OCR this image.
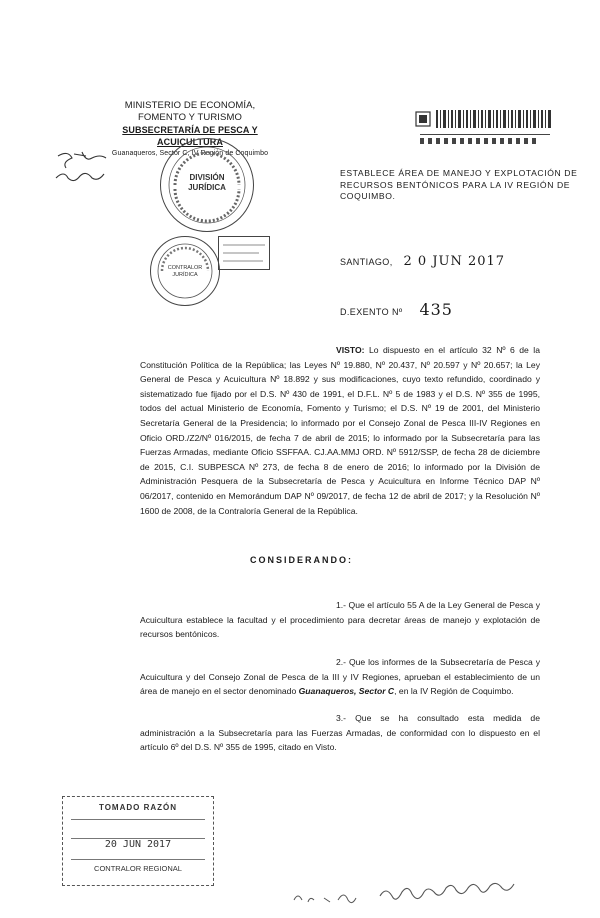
MINISTERIO DE ECONOMÍA,
FOMENTO Y TURISMO
SUBSECRETARÍA DE PESCA Y ACUICULTURA
Guanaqueros, Sector C, IV Región de Coquimbo
DIVISIÓN
JURÍDICA
CONTRALOR
JURÍDICA
ESTABLECE ÁREA DE MANEJO Y EXPLOTACIÓN DE RECURSOS BENTÓNICOS PARA LA IV REGIÓN DE COQUIMBO.
SANTIAGO, 2 0 JUN 2017
D.EXENTO Nº 435
VISTO: Lo dispuesto en el artículo 32 Nº 6 de la Constitución Política de la República; las Leyes Nº 19.880, Nº 20.437, Nº 20.597 y Nº 20.657; la Ley General de Pesca y Acuicultura Nº 18.892 y sus modificaciones, cuyo texto refundido, coordinado y sistematizado fue fijado por el D.S. Nº 430 de 1991, el D.F.L. Nº 5 de 1983 y el D.S. Nº 355 de 1995, todos del actual Ministerio de Economía, Fomento y Turismo; el D.S. Nº 19 de 2001, del Ministerio Secretaría General de la Presidencia; lo informado por el Consejo Zonal de Pesca III-IV Regiones en Oficio ORD./Z2/Nº 016/2015, de fecha 7 de abril de 2015; lo informado por la Subsecretaría para las Fuerzas Armadas, mediante Oficio SSFFAA. CJ.AA.MMJ ORD. Nº 5912/SSP, de fecha 28 de diciembre de 2015, C.I. SUBPESCA Nº 273, de fecha 8 de enero de 2016; lo informado por la División de Administración Pesquera de la Subsecretaría de Pesca y Acuicultura en Informe Técnico DAP Nº 06/2017, contenido en Memorándum DAP Nº 09/2017, de fecha 12 de abril de 2017; y la Resolución Nº 1600 de 2008, de la Contraloría General de la República.
CONSIDERANDO:
1.- Que el artículo 55 A de la Ley General de Pesca y Acuicultura establece la facultad y el procedimiento para decretar áreas de manejo y explotación de recursos bentónicos.
2.- Que los informes de la Subsecretaría de Pesca y Acuicultura y del Consejo Zonal de Pesca de la III y IV Regiones, aprueban el establecimiento de un área de manejo en el sector denominado Guanaqueros, Sector C, en la IV Región de Coquimbo.
3.- Que se ha consultado esta medida de administración a la Subsecretaría para las Fuerzas Armadas, de conformidad con lo dispuesto en el artículo 6º del D.S. Nº 355 de 1995, citado en Visto.
TOMADO RAZÓN
20 JUN 2017
CONTRALOR REGIONAL
